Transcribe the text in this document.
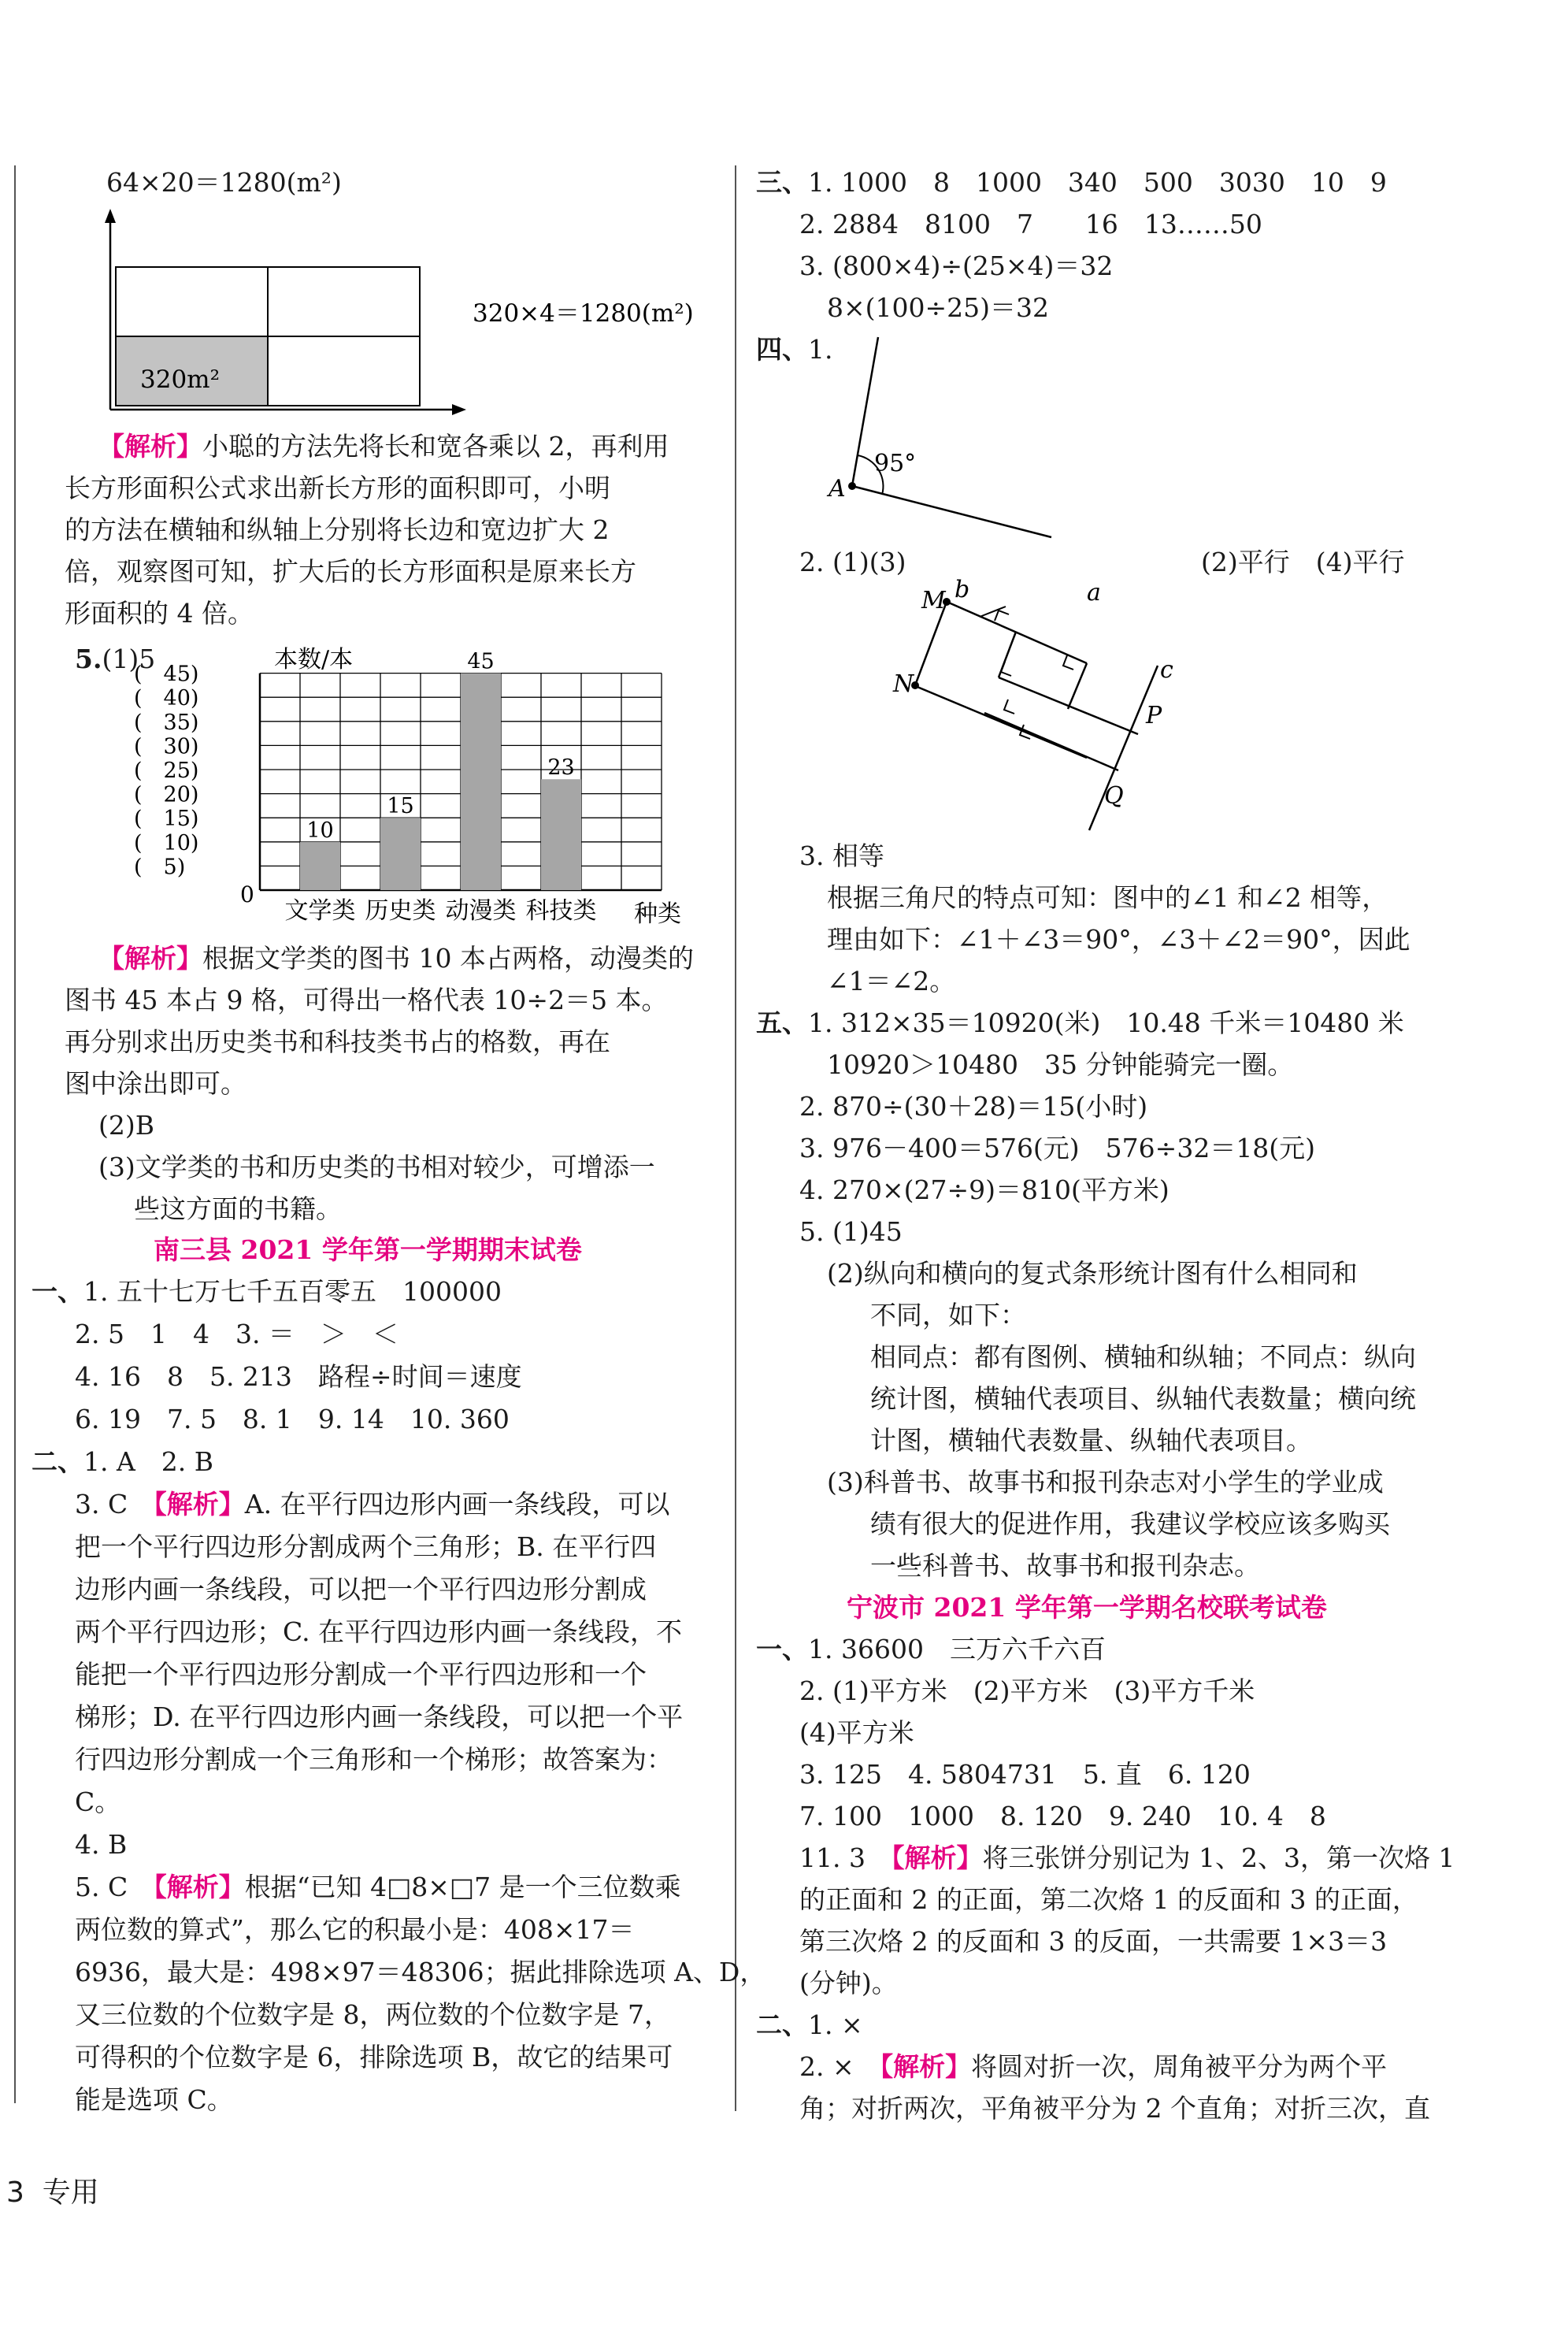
64×20＝1280(m²)
320m²
320×4＝1280(m²)
【解析】小聪的方法先将长和宽各乘以 2，再利用
长方形面积公式求出新长方形的面积即可，小明
的方法在横轴和纵轴上分别将长边和宽边扩大 2
倍，观察图可知，扩大后的长方形面积是原来长方
形面积的 4 倍。
5.(1)5
10
15
45
23
(　5)
(　10)
(　15)
(　20)
(　25)
(　30)
(　35)
(　40)
(　45)
文学类 历史类 动漫类 科技类
本数/本
种类
0
【解析】根据文学类的图书 10 本占两格，动漫类的
图书 45 本占 9 格，可得出一格代表 10÷2＝5 本。
再分别求出历史类书和科技类书占的格数，再在
图中涂出即可。
(2)B
(3)文学类的书和历史类的书相对较少，可增添一
些这方面的书籍。
南三县 2021 学年第一学期期末试卷
一、1. 五十七万七千五百零五　100000
2. 5　1　4　3. ＝　＞　＜
4. 16　8　5. 213　路程÷时间＝速度
6. 19　7. 5　8. 1　9. 14　10. 360
二、1. A　2. B
3. C　 【解析】A. 在平行四边形内画一条线段，可以
把一个平行四边形分割成两个三角形；B. 在平行四
边形内画一条线段，可以把一个平行四边形分割成
两个平行四边形；C. 在平行四边形内画一条线段，不
能把一个平行四边形分割成一个平行四边形和一个
梯形；D. 在平行四边形内画一条线段，可以把一个平
行四边形分割成一个三角形和一个梯形；故答案为：
C。
4. B
5. C　 【解析】根据“已知 4□8×□7 是一个三位数乘
两位数的算式”，那么它的积最小是：408×17＝
6936，最大是：498×97＝48306；据此排除选项 A、D，
又三位数的个位数字是 8，两位数的个位数字是 7，
可得积的个位数字是 6，排除选项 B，故它的结果可
能是选项 C。
三、1. 1000　8　1000　340　500　3030　10　9
2. 2884　8100　7　　16　13……50
3. (800×4)÷(25×4)＝32
8×(100÷25)＝32
四、1.
95°
A
2. (1)(3)	(2)平行　(4)平行
M b	a
c
N
P
Q
3. 相等
根据三角尺的特点可知：图中的∠1 和∠2 相等，
理由如下：∠1＋∠3＝90°，∠3＋∠2＝90°，因此
∠1＝∠2。
五、1. 312×35＝10920(米)　10.48 千米＝10480 米
10920＞10480　35 分钟能骑完一圈。
2. 870÷(30＋28)＝15(小时)
3. 976－400＝576(元)　576÷32＝18(元)
4. 270×(27÷9)＝810(平方米)
5. (1)45
(2)纵向和横向的复式条形统计图有什么相同和
不同，如下：
相同点：都有图例、横轴和纵轴；不同点：纵向
统计图，横轴代表项目、纵轴代表数量；横向统
计图，横轴代表数量、纵轴代表项目。
(3)科普书、故事书和报刊杂志对小学生的学业成
绩有很大的促进作用，我建议学校应该多购买
一些科普书、故事书和报刊杂志。
宁波市 2021 学年第一学期名校联考试卷
一、1. 36600　三万六千六百
2. (1)平方米　(2)平方米　(3)平方千米
(4)平方米
3. 125　4. 5804731　5. 直　6. 120
7. 100　1000　8. 120　9. 240　10. 4　8
11. 3　 【解析】将三张饼分别记为 1、2、3，第一次烙 1
的正面和 2 的正面，第二次烙 1 的反面和 3 的正面，
第三次烙 2 的反面和 3 的反面，一共需要 1×3＝3
(分钟)。
二、1. ×
2. ×　 【解析】将圆对折一次，周角被平分为两个平
角；对折两次，平角被平分为 2 个直角；对折三次，直
3 专用
